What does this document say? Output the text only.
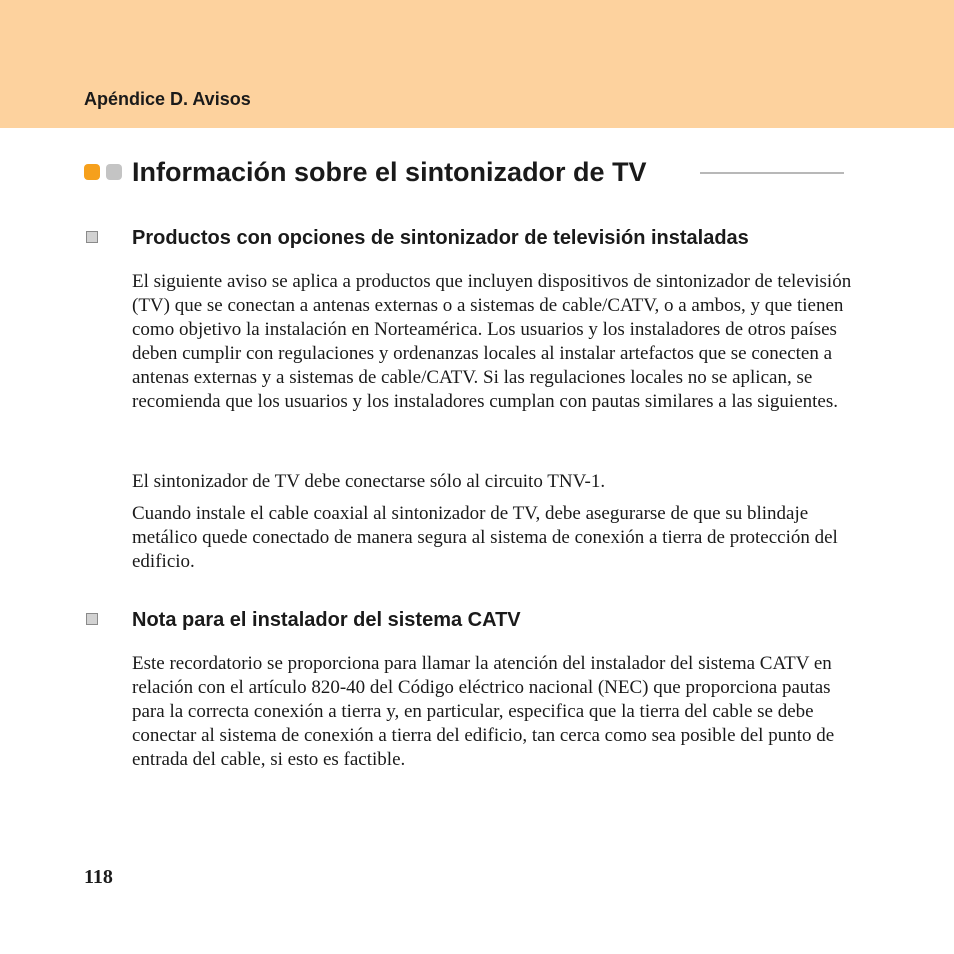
Apéndice D. Avisos
Información sobre el sintonizador de TV
Productos con opciones de sintonizador de televisión instaladas

El siguiente aviso se aplica a productos que incluyen dispositivos de sintonizador de televisión (TV) que se conectan a antenas externas o a sistemas de cable/CATV, o a ambos, y que tienen como objetivo la instalación en Norteamérica. Los usuarios y los instaladores de otros países deben cumplir con regulaciones y ordenanzas locales al instalar artefactos que se conecten a antenas externas y a sistemas de cable/CATV. Si las regulaciones locales no se aplican, se recomienda que los usuarios y los instaladores cumplan con pautas similares a las siguientes.

El sintonizador de TV debe conectarse sólo al circuito TNV-1.

Cuando instale el cable coaxial al sintonizador de TV, debe asegurarse de que su blindaje metálico quede conectado de manera segura al sistema de conexión a tierra de protección del edificio.

Nota para el instalador del sistema CATV

Este recordatorio se proporciona para llamar la atención del instalador del sistema CATV en relación con el artículo 820-40 del Código eléctrico nacional (NEC) que proporciona pautas para la correcta conexión a tierra y, en particular, especifica que la tierra del cable se debe conectar al sistema de conexión a tierra del edificio, tan cerca como sea posible del punto de entrada del cable, si esto es factible.

118
